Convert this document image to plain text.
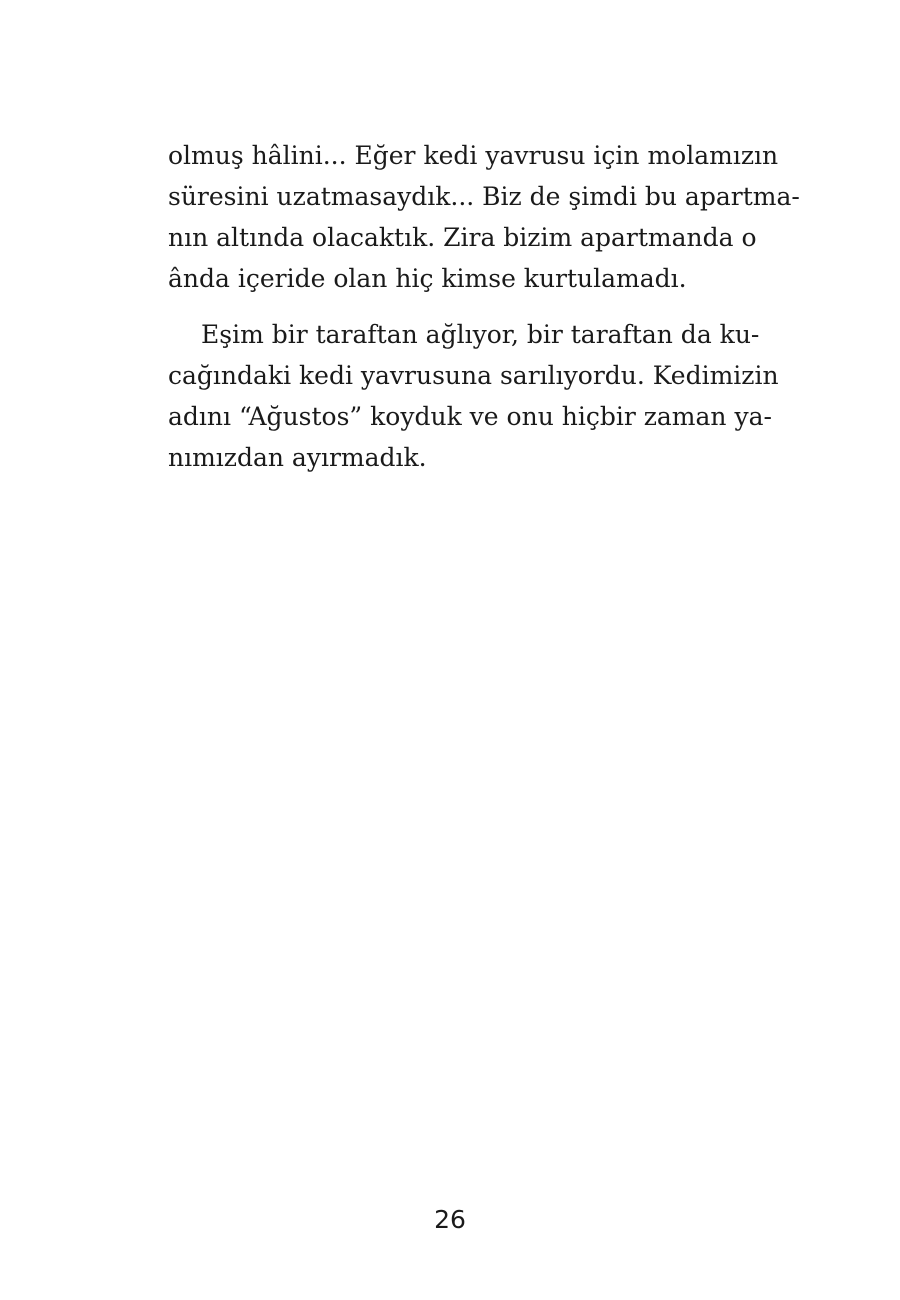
olmuş hâlini... Eğer kedi yavrusu için molamızın
süresini uzatmasaydık... Biz de şimdi bu apartma-
nın altında olacaktık. Zira bizim apartmanda o
ânda içeride olan hiç kimse kurtulamadı.
Eşim bir taraftan ağlıyor, bir taraftan da ku-
cağındaki kedi yavrusuna sarılıyordu. Kedimizin
adını “Ağustos” koyduk ve onu hiçbir zaman ya-
nımızdan ayırmadık.
26
